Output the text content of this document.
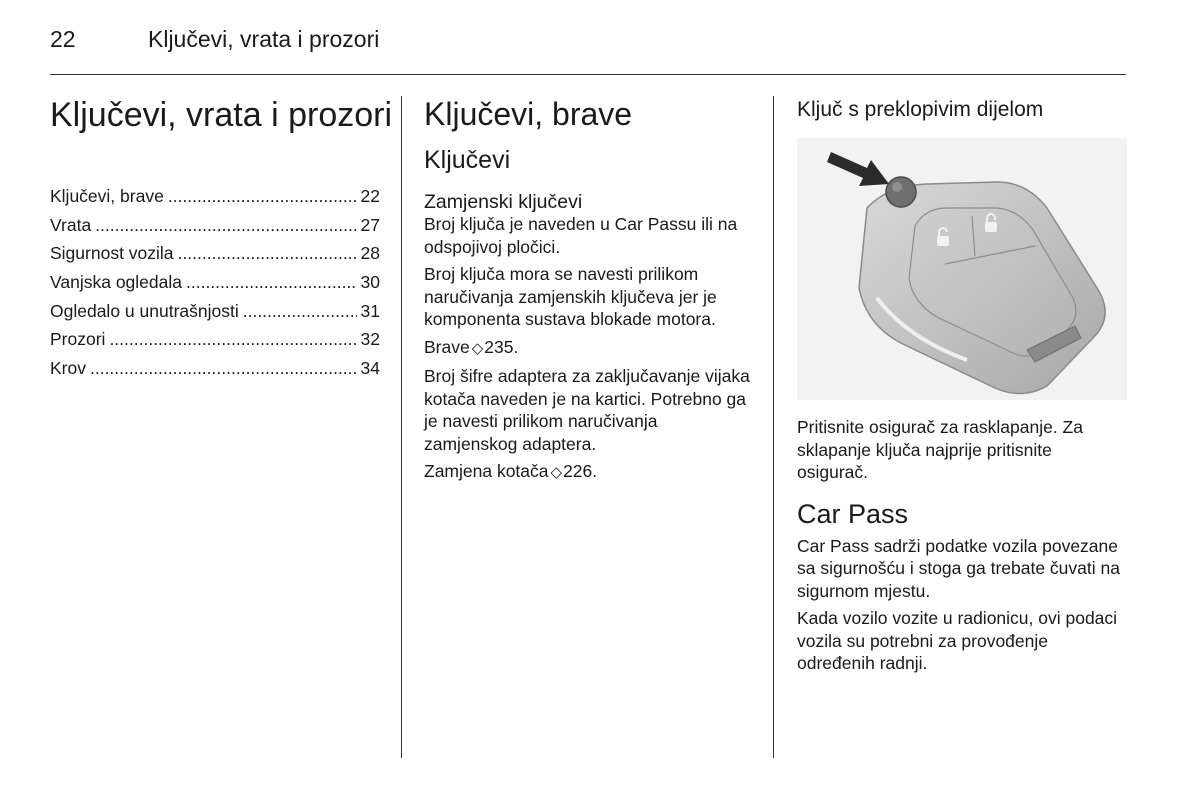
22	Ključevi, vrata i prozori
Ključevi, vrata i prozori
Ključevi, brave .....	22
Vrata .....	27
Sigurnost vozila .....	28
Vanjska ogledala .....	30
Ogledalo u unutrašnjosti .....	31
Prozori .....	32
Krov .....	34
Ključevi, brave
Ključevi
Zamjenski ključevi

Broj ključa je naveden u Car Passu ili na odspojivoj pločici.

Broj ključa mora se navesti prilikom naručivanja zamjenskih ključeva jer je komponenta sustava blokade motora.

Brave ◇235.

Broj šifre adaptera za zaključavanje vijaka kotača naveden je na kartici. Potrebno ga je navesti prilikom naručivanja zamjenskog adaptera.

Zamjena kotača ◇226.

Ključ s preklopivim dijelom

Pritisnite osigurač za rasklapanje. Za sklapanje ključa najprije pritisnite osigurač.

Car Pass

Car Pass sadrži podatke vozila povezane sa sigurnošću i stoga ga trebate čuvati na sigurnom mjestu.

Kada vozilo vozite u radionicu, ovi podaci vozila su potrebni za provođenje određenih radnji.
